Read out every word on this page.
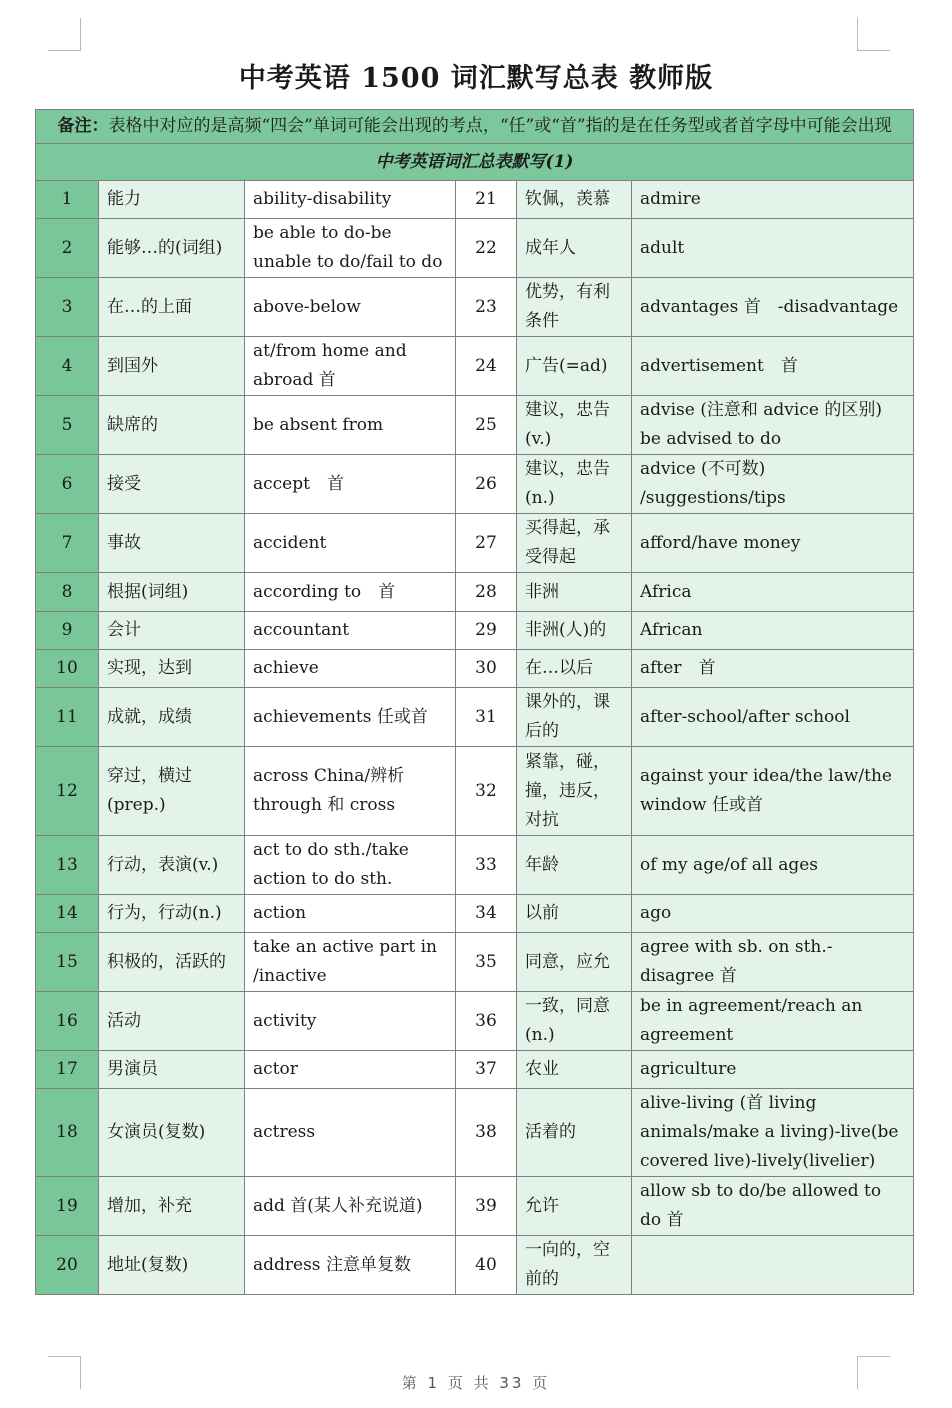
中考英语 1500 词汇默写总表 教师版
备注：表格中对应的是高频“四会”单词可能会出现的考点，“任”或“首”指的是在任务型或者首字母中可能会出现					
中考英语词汇总表默写(1)					
1	能力	ability-disability	21	钦佩，羡慕	admire
2	能够…的(词组)	be able to do-be unable to do/fail to do	22	成年人	adult
3	在…的上面	above-below	23	优势，有利条件	advantages 首　-disadvantage
4	到国外	at/from home and abroad 首	24	广告(=ad)	advertisement　首
5	缺席的	be absent from	25	建议，忠告(v.)	advise (注意和 advice 的区别) be advised to do
6	接受	accept　首	26	建议，忠告(n.)	advice (不可数) /suggestions/tips
7	事故	accident	27	买得起，承受得起	afford/have money
8	根据(词组)	according to　首	28	非洲	Africa
9	会计	accountant	29	非洲(人)的	African
10	实现，达到	achieve	30	在…以后	after　首
11	成就，成绩	achievements 任或首	31	课外的，课后的	after-school/after school
12	穿过，横过(prep.)	across China/辨析 through 和 cross	32	紧靠，碰，撞，违反，对抗	against your idea/the law/the window 任或首
13	行动，表演(v.)	act to do sth./take action to do sth.	33	年龄	of my age/of all ages
14	行为，行动(n.)	action	34	以前	ago
15	积极的，活跃的	take an active part in /inactive	35	同意，应允	agree with sb. on sth.-disagree 首
16	活动	activity	36	一致，同意(n.)	be in agreement/reach an agreement
17	男演员	actor	37	农业	agriculture
18	女演员(复数)	actress	38	活着的	alive-living (首 living animals/make a living)-live(be covered live)-lively(livelier)
19	增加，补充	add 首(某人补充说道)	39	允许	allow sb to do/be allowed to do 首
20	地址(复数)	address 注意单复数	40	一向的，空前的	
第 1 页 共 33 页
